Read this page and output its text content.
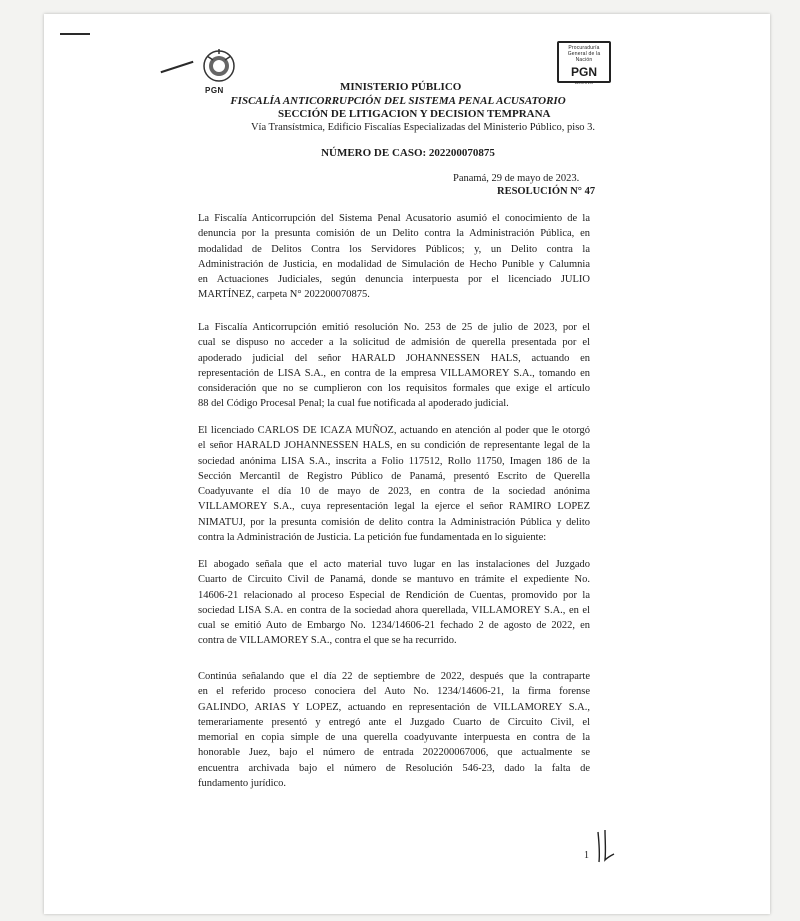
PGN
Procuraduría General de la Nación
PGN
ARCHIVO
MINISTERIO PÚBLICO
FISCALÍA ANTICORRUPCIÓN DEL SISTEMA PENAL ACUSATORIO
SECCIÓN DE LITIGACION Y DECISION TEMPRANA
Vía Transístmica, Edificio Fiscalías Especializadas del Ministerio Público, piso 3.
NÚMERO DE CASO: 202200070875
Panamá, 29 de mayo de 2023.
RESOLUCIÓN N° 47
La Fiscalía Anticorrupción del Sistema Penal Acusatorio asumió el conocimiento de la
denuncia por la presunta comisión de un Delito contra la Administración Pública, en
modalidad de Delitos Contra los Servidores Públicos; y, un Delito contra la
Administración de Justicia, en modalidad de Simulación de Hecho Punible y Calumnia
en Actuaciones Judiciales, según denuncia interpuesta por el licenciado JULIO
MARTÍNEZ, carpeta N° 202200070875.
La Fiscalía Anticorrupción emitió resolución No. 253 de 25 de julio de 2023, por el
cual se dispuso no acceder a la solicitud de admisión de querella presentada por el
apoderado judicial del señor HARALD JOHANNESSEN HALS, actuando en
representación de LISA S.A., en contra de la empresa VILLAMOREY S.A., tomando en
consideración que no se cumplieron con los requisitos formales que exige el artículo
88 del Código Procesal Penal; la cual fue notificada al apoderado judicial.
El licenciado CARLOS DE ICAZA MUÑOZ, actuando en atención al poder que le otorgó
el señor HARALD JOHANNESSEN HALS, en su condición de representante legal de la
sociedad anónima LISA S.A., inscrita a Folio 117512, Rollo 11750, Imagen 186 de la
Sección Mercantil de Registro Público de Panamá, presentó Escrito de Querella
Coadyuvante el día 10 de mayo de 2023, en contra de la sociedad anónima
VILLAMOREY S.A., cuya representación legal la ejerce el señor RAMIRO LOPEZ
NIMATUJ, por la presunta comisión de delito contra la Administración Pública y delito
contra la Administración de Justicia. La petición fue fundamentada en lo siguiente:
El abogado señala que el acto material tuvo lugar en las instalaciones del Juzgado
Cuarto de Circuito Civil de Panamá, donde se mantuvo en trámite el expediente No.
14606-21 relacionado al proceso Especial de Rendición de Cuentas, promovido por la
sociedad LISA S.A. en contra de la sociedad ahora querellada, VILLAMOREY S.A., en el
cual se emitió Auto de Embargo No. 1234/14606-21 fechado 2 de agosto de 2022, en
contra de VILLAMOREY S.A., contra el que se ha recurrido.
Continúa señalando que el día 22 de septiembre de 2022, después que la contraparte
en el referido proceso conociera del Auto No. 1234/14606-21, la firma forense
GALINDO, ARIAS Y LOPEZ, actuando en representación de VILLAMOREY S.A.,
temerariamente presentó y entregó ante el Juzgado Cuarto de Circuito Civil, el
memorial en copia simple de una querella coadyuvante interpuesta en contra de la
honorable Juez, bajo el número de entrada 202200067006, que actualmente se
encuentra archivada bajo el número de Resolución 546-23, dado la falta de
fundamento jurídico.
1
